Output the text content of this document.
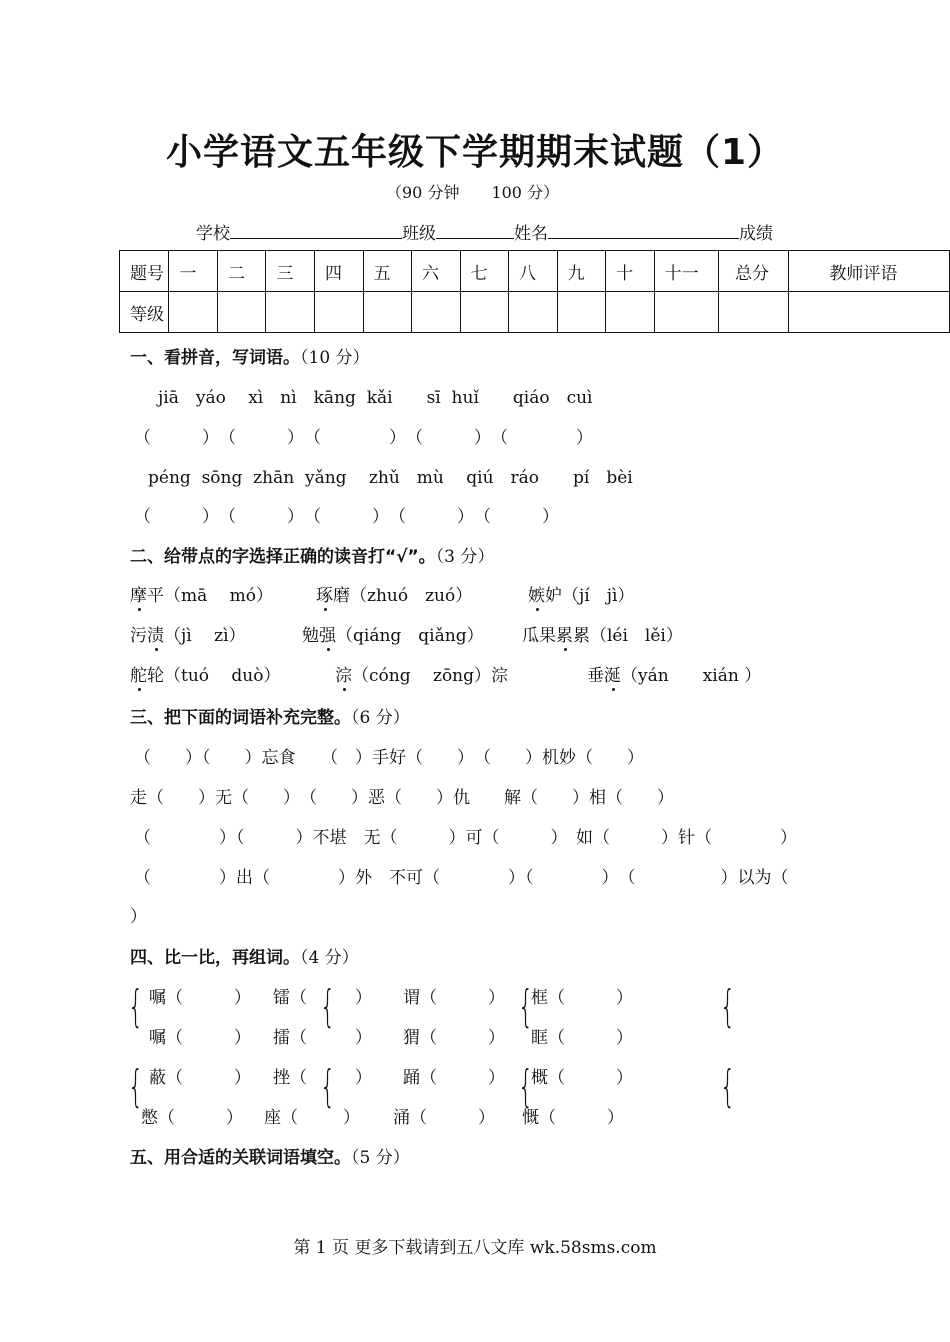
小学语文五年级下学期期末试题（1）
（90 分钟　　100 分）
学校	班级	姓名	成绩
题号	一	二	三	四	五	六	七	八	九	十	十一	总分	教师评语
等级													
一、看拼音，写词语。（10 分）
jiā　yáo　 xì　nì　kāng  kǎi　　sī  huǐ　　qiáo　cuì
（　　　）　（　　　）　（　　　　）　（　　　）　（　　　　）
péng  sōng  zhān  yǎng　 zhǔ　mù　 qiú　ráo　　pí　bèi
（　　　）　（　　　）　（　　　）　（　　　）　（　　　）
二、给带点的字选择正确的读音打“√”。（3 分）
摩平（mā　 mó）	琢磨（zhuó　zuó）	嫉妒（jí　jì）
污渍（jì　 zì）	勉强（qiáng　qiǎng） 瓜果累累（léi　lěi）
舵轮（tuó　 duò）	淙（cóng　 zōng）淙	垂涎（yán　　xián ）
三、把下面的词语补充完整。（6 分）
（　　）（　　）忘食　　（　）手好（　　）　（　　）机妙（　　）
走（　　）无（　　）　（　　）恶（　　）仇　　解（　　）相（　　）
（　　　　）（　　　）不堪　无（　　　）可（　　　）　如（　　　）针（　　　　）
（　　　　）出（　　　　）外　不可（　　　　）（　　　　）　（　　　　　）以为（
）
四、比一比，再组词。（4 分）
{	{	{	{
嘱（　　　） 镭（	） 谓（　　　） 框（　　　）
嘱（　　　） 擂（	） 猬（　　　） 眶（　　　）
{	{	{	{
蔽（　　　） 挫（	） 踊（　　　） 概（　　　）
憋（　　　） 座（	） 涌（　　　） 慨（　　　）
五、用合适的关联词语填空。（5 分）
第 1 页 更多下载请到五八文库 wk.58sms.com
